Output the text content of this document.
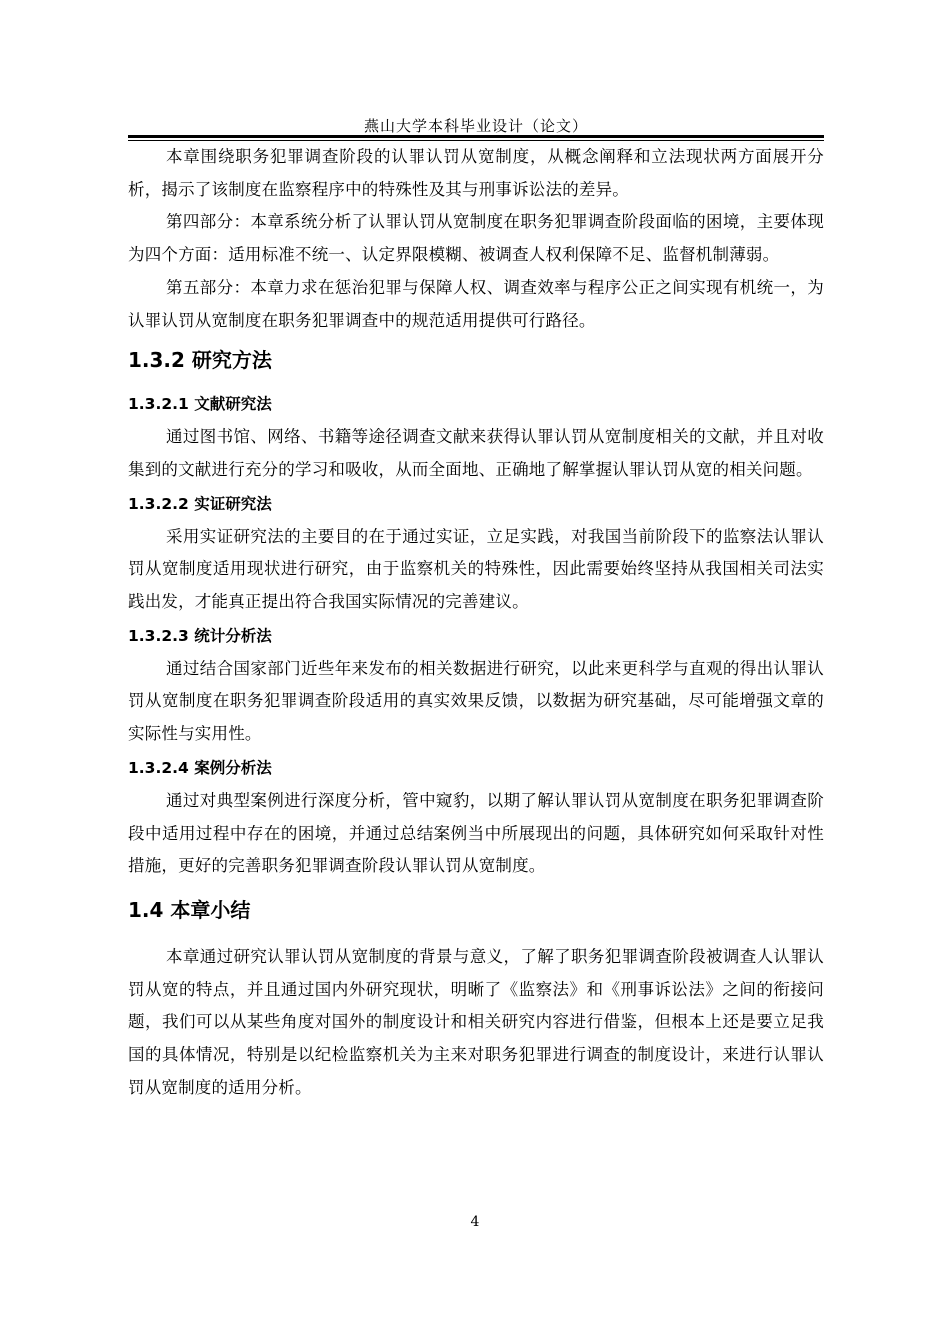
燕山大学本科毕业设计（论文）

本章围绕职务犯罪调查阶段的认罪认罚从宽制度，从概念阐释和立法现状两方面展开分析，揭示了该制度在监察程序中的特殊性及其与刑事诉讼法的差异。

第四部分：本章系统分析了认罪认罚从宽制度在职务犯罪调查阶段面临的困境，主要体现为四个方面：适用标准不统一、认定界限模糊、被调查人权利保障不足、监督机制薄弱。

第五部分：本章力求在惩治犯罪与保障人权、调查效率与程序公正之间实现有机统一，为认罪认罚从宽制度在职务犯罪调查中的规范适用提供可行路径。

1.3.2 研究方法
1.3.2.1 文献研究法

通过图书馆、网络、书籍等途径调查文献来获得认罪认罚从宽制度相关的文献，并且对收集到的文献进行充分的学习和吸收，从而全面地、正确地了解掌握认罪认罚从宽的相关问题。

1.3.2.2 实证研究法

采用实证研究法的主要目的在于通过实证，立足实践，对我国当前阶段下的监察法认罪认罚从宽制度适用现状进行研究，由于监察机关的特殊性，因此需要始终坚持从我国相关司法实践出发，才能真正提出符合我国实际情况的完善建议。

1.3.2.3 统计分析法

通过结合国家部门近些年来发布的相关数据进行研究，以此来更科学与直观的得出认罪认罚从宽制度在职务犯罪调查阶段适用的真实效果反馈，以数据为研究基础，尽可能增强文章的实际性与实用性。

1.3.2.4 案例分析法

通过对典型案例进行深度分析，管中窥豹，以期了解认罪认罚从宽制度在职务犯罪调查阶段中适用过程中存在的困境，并通过总结案例当中所展现出的问题，具体研究如何采取针对性措施，更好的完善职务犯罪调查阶段认罪认罚从宽制度。

1.4 本章小结

本章通过研究认罪认罚从宽制度的背景与意义，了解了职务犯罪调查阶段被调查人认罪认罚从宽的特点，并且通过国内外研究现状，明晰了《监察法》和《刑事诉讼法》之间的衔接问题，我们可以从某些角度对国外的制度设计和相关研究内容进行借鉴，但根本上还是要立足我国的具体情况，特别是以纪检监察机关为主来对职务犯罪进行调查的制度设计，来进行认罪认罚从宽制度的适用分析。

4
